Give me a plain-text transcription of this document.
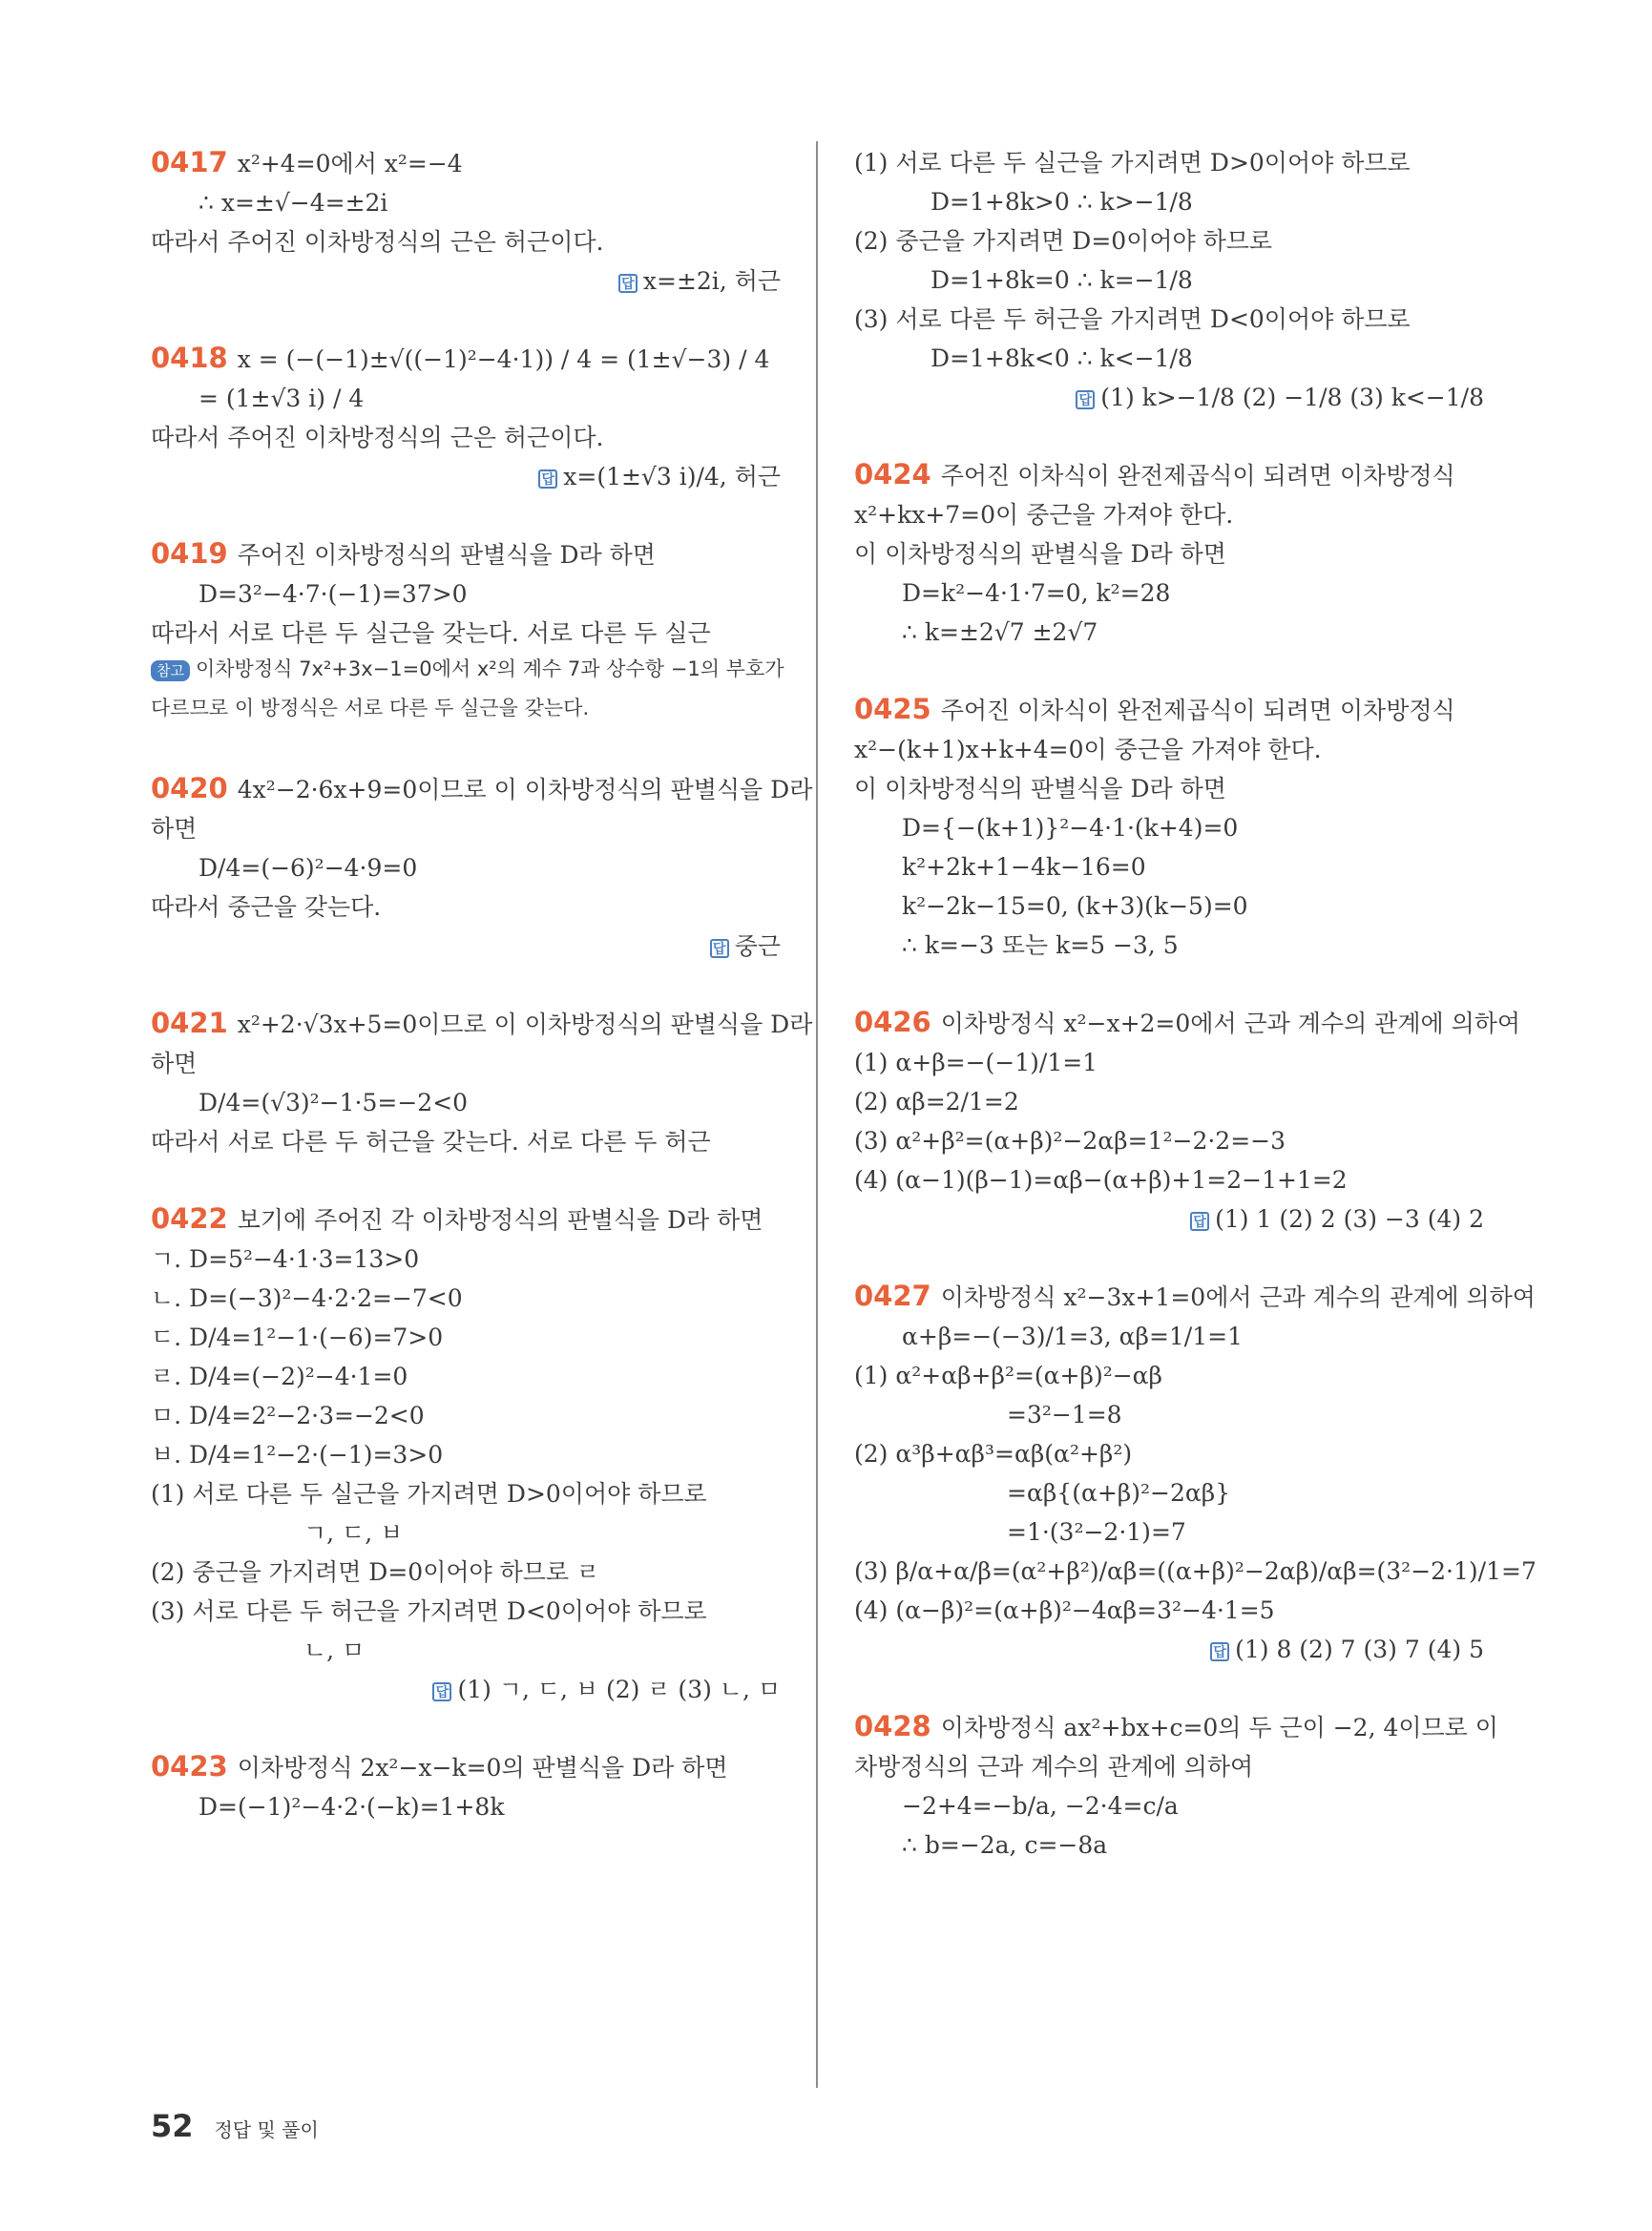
0417 x²+4=0에서 x²=−4
∴ x=±√−4=±2i
따라서 주어진 이차방정식의 근은 허근이다.
답 x=±2i, 허근
0418 x = (−(−1)±√((−1)²−4·1)) / 4 = (1±√−3) / 4
= (1±√3 i) / 4
따라서 주어진 이차방정식의 근은 허근이다.
답 x=(1±√3 i)/4, 허근
0419 주어진 이차방정식의 판별식을 D라 하면
D=3²−4·7·(−1)=37>0
따라서 서로 다른 두 실근을 갖는다. 서로 다른 두 실근
참고 이차방정식 7x²+3x−1=0에서 x²의 계수 7과 상수항 −1의 부호가
다르므로 이 방정식은 서로 다른 두 실근을 갖는다.
0420 4x²−2·6x+9=0이므로 이 이차방정식의 판별식을 D라
하면
D/4=(−6)²−4·9=0
따라서 중근을 갖는다.
답 중근
0421 x²+2·√3x+5=0이므로 이 이차방정식의 판별식을 D라
하면
D/4=(√3)²−1·5=−2<0
따라서 서로 다른 두 허근을 갖는다. 서로 다른 두 허근
0422 보기에 주어진 각 이차방정식의 판별식을 D라 하면
ㄱ. D=5²−4·1·3=13>0
ㄴ. D=(−3)²−4·2·2=−7<0
ㄷ. D/4=1²−1·(−6)=7>0
ㄹ. D/4=(−2)²−4·1=0
ㅁ. D/4=2²−2·3=−2<0
ㅂ. D/4=1²−2·(−1)=3>0
(1) 서로 다른 두 실근을 가지려면 D>0이어야 하므로
ㄱ, ㄷ, ㅂ
(2) 중근을 가지려면 D=0이어야 하므로 ㄹ
(3) 서로 다른 두 허근을 가지려면 D<0이어야 하므로
ㄴ, ㅁ
답 (1) ㄱ, ㄷ, ㅂ (2) ㄹ (3) ㄴ, ㅁ
0423 이차방정식 2x²−x−k=0의 판별식을 D라 하면
D=(−1)²−4·2·(−k)=1+8k
(1) 서로 다른 두 실근을 가지려면 D>0이어야 하므로
D=1+8k>0 ∴ k>−1/8
(2) 중근을 가지려면 D=0이어야 하므로
D=1+8k=0 ∴ k=−1/8
(3) 서로 다른 두 허근을 가지려면 D<0이어야 하므로
D=1+8k<0 ∴ k<−1/8
답 (1) k>−1/8 (2) −1/8 (3) k<−1/8
0424 주어진 이차식이 완전제곱식이 되려면 이차방정식
x²+kx+7=0이 중근을 가져야 한다.
이 이차방정식의 판별식을 D라 하면
D=k²−4·1·7=0, k²=28
∴ k=±2√7 ±2√7
0425 주어진 이차식이 완전제곱식이 되려면 이차방정식
x²−(k+1)x+k+4=0이 중근을 가져야 한다.
이 이차방정식의 판별식을 D라 하면
D={−(k+1)}²−4·1·(k+4)=0
k²+2k+1−4k−16=0
k²−2k−15=0, (k+3)(k−5)=0
∴ k=−3 또는 k=5 −3, 5
0426 이차방정식 x²−x+2=0에서 근과 계수의 관계에 의하여
(1) α+β=−(−1)/1=1
(2) αβ=2/1=2
(3) α²+β²=(α+β)²−2αβ=1²−2·2=−3
(4) (α−1)(β−1)=αβ−(α+β)+1=2−1+1=2
답 (1) 1 (2) 2 (3) −3 (4) 2
0427 이차방정식 x²−3x+1=0에서 근과 계수의 관계에 의하여
α+β=−(−3)/1=3, αβ=1/1=1
(1) α²+αβ+β²=(α+β)²−αβ
=3²−1=8
(2) α³β+αβ³=αβ(α²+β²)
=αβ{(α+β)²−2αβ}
=1·(3²−2·1)=7
(3) β/α+α/β=(α²+β²)/αβ=((α+β)²−2αβ)/αβ=(3²−2·1)/1=7
(4) (α−β)²=(α+β)²−4αβ=3²−4·1=5
답 (1) 8 (2) 7 (3) 7 (4) 5
0428 이차방정식 ax²+bx+c=0의 두 근이 −2, 4이므로 이
차방정식의 근과 계수의 관계에 의하여
−2+4=−b/a, −2·4=c/a
∴ b=−2a, c=−8a
52 정답 및 풀이
